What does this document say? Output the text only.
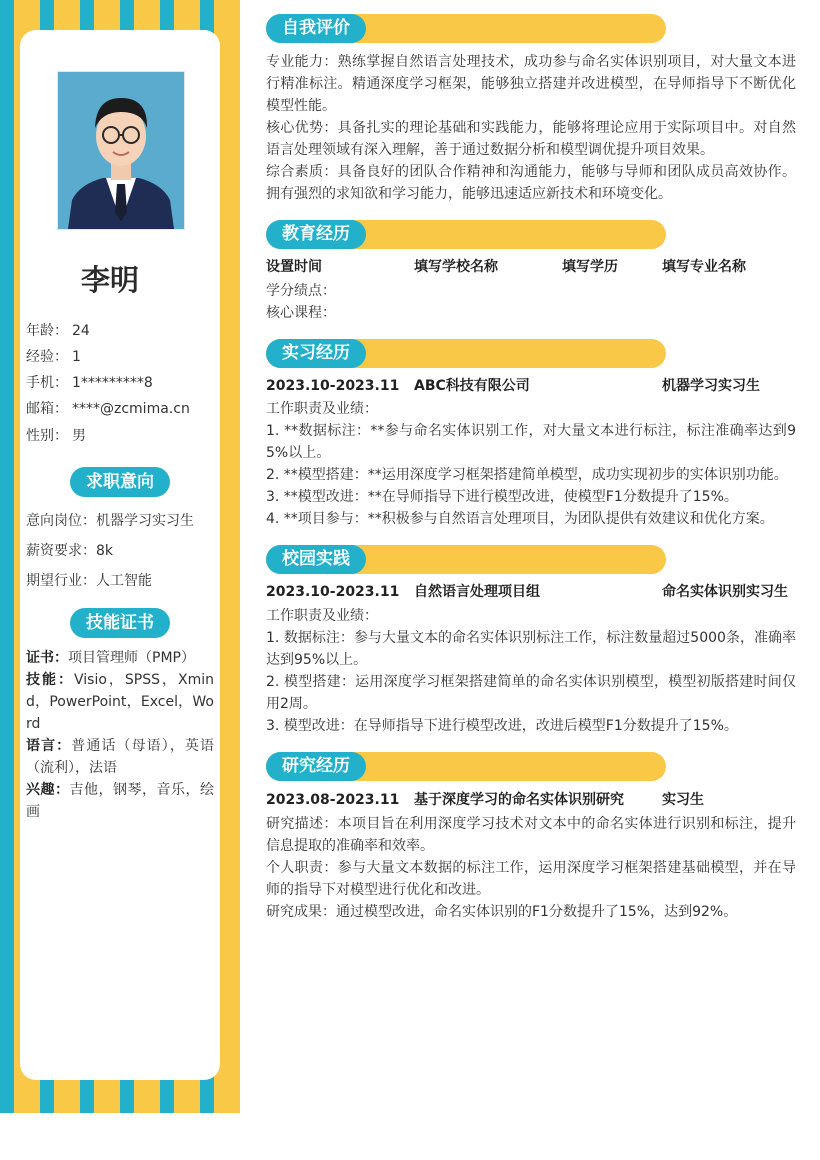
李明
年龄： 24
经验： 1
手机： 1*********8
邮箱： ****@zcmima.cn
性别： 男
求职意向
意向岗位：机器学习实习生
薪资要求：8k
期望行业：人工智能
技能证书
证书：项目管理师（PMP）
技能：Visio，SPSS，Xmind，PowerPoint，Excel，Word
语言：普通话（母语），英语（流利），法语
兴趣：吉他，钢琴，音乐，绘画
自我评价

专业能力：熟练掌握自然语言处理技术，成功参与命名实体识别项目，对大量文本进行精准标注。精通深度学习框架，能够独立搭建并改进模型，在导师指导下不断优化模型性能。

核心优势：具备扎实的理论基础和实践能力，能够将理论应用于实际项目中。对自然语言处理领域有深入理解，善于通过数据分析和模型调优提升项目效果。

综合素质：具备良好的团队合作精神和沟通能力，能够与导师和团队成员高效协作。拥有强烈的求知欲和学习能力，能够迅速适应新技术和环境变化。

教育经历
设置时间	填写学校名称	填写学历	填写专业名称

学分绩点：

核心课程：

实习经历
2023.10-2023.11 ABC科技有限公司	机器学习实习生

工作职责及业绩：

1. **数据标注：**参与命名实体识别工作，对大量文本进行标注，标注准确率达到95%以上。

2. **模型搭建：**运用深度学习框架搭建简单模型，成功实现初步的实体识别功能。

3. **模型改进：**在导师指导下进行模型改进，使模型F1分数提升了15%。

4. **项目参与：**积极参与自然语言处理项目，为团队提供有效建议和优化方案。

校园实践
2023.10-2023.11 自然语言处理项目组	命名实体识别实习生

工作职责及业绩：

1. 数据标注：参与大量文本的命名实体识别标注工作，标注数量超过5000条，准确率达到95%以上。

2. 模型搭建：运用深度学习框架搭建简单的命名实体识别模型，模型初版搭建时间仅用2周。

3. 模型改进：在导师指导下进行模型改进，改进后模型F1分数提升了15%。

研究经历
2023.08-2023.11 基于深度学习的命名实体识别研究	实习生

研究描述：本项目旨在利用深度学习技术对文本中的命名实体进行识别和标注，提升信息提取的准确率和效率。

个人职责：参与大量文本数据的标注工作，运用深度学习框架搭建基础模型，并在导师的指导下对模型进行优化和改进。

研究成果：通过模型改进，命名实体识别的F1分数提升了15%，达到92%。
